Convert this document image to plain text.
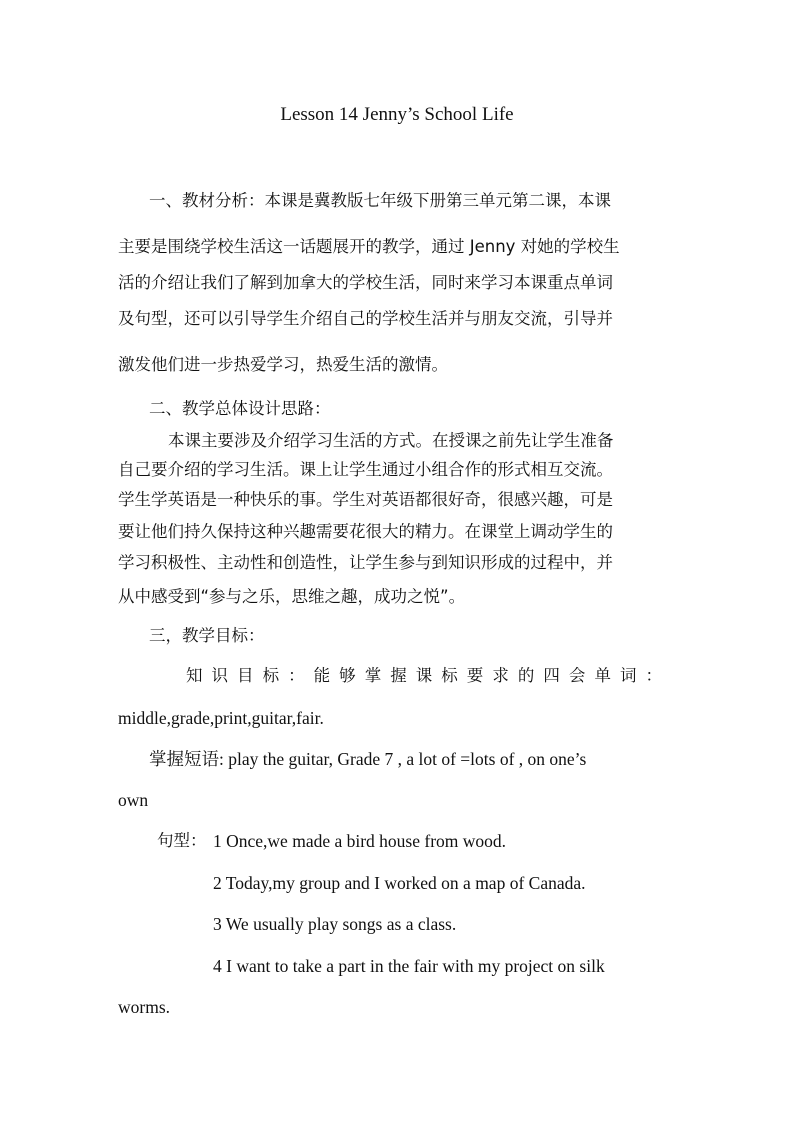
Lesson 14 Jenny’s School Life
一、教材分析：本课是冀教版七年级下册第三单元第二课，本课
主要是围绕学校生活这一话题展开的教学，通过 Jenny 对她的学校生
活的介绍让我们了解到加拿大的学校生活，同时来学习本课重点单词
及句型，还可以引导学生介绍自己的学校生活并与朋友交流，引导并
激发他们进一步热爱学习，热爱生活的激情。
二、教学总体设计思路：
本课主要涉及介绍学习生活的方式。在授课之前先让学生准备
自己要介绍的学习生活。课上让学生通过小组合作的形式相互交流。
学生学英语是一种快乐的事。学生对英语都很好奇，很感兴趣，可是
要让他们持久保持这种兴趣需要花很大的精力。在课堂上调动学生的
学习积极性、主动性和创造性，让学生参与到知识形成的过程中，并
从中感受到“参与之乐，思维之趣，成功之悦”。
三，教学目标：
知识目标：能够掌握课标要求的四会单词：
middle,grade,print,guitar,fair.
掌握短语: play the guitar, Grade 7 , a lot of =lots of , on one’s
own
句型： 1 Once,we made a bird house from wood.
2 Today,my group and I worked on a map of Canada.
3 We usually play songs as a class.
4 I want to take a part in the fair with my project on silk
worms.
